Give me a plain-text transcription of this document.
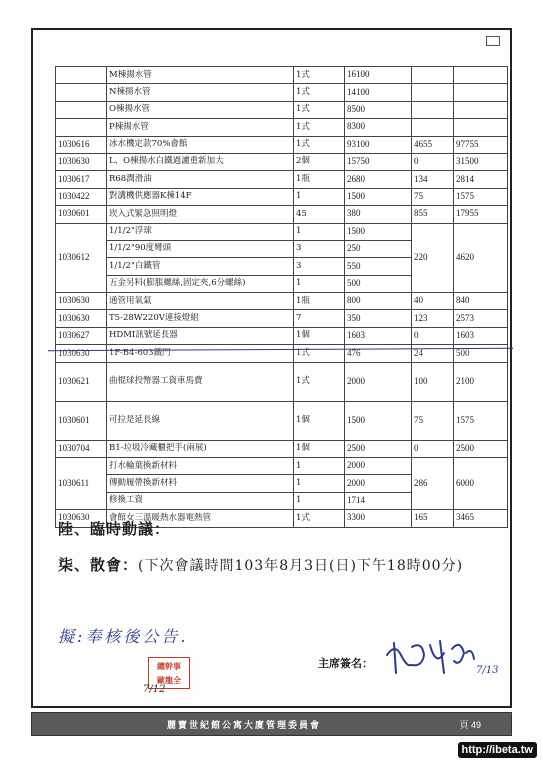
	M棟揚水管	1式	16100		
	N棟揚水管	1式	14100		
	O棟揚水管	1式	8500		
	P棟揚水管	1式	8300		
1030616	冰水機定款70%會館	1式	93100	4655	97755
1030630	L、O棟揚水白鐵過濾重新加大	2個	15750	0	31500
1030617	R68潤滑油	1瓶	2680	134	2814
1030422	對講機供應器K棟14F	1	1500	75	1575
1030601	崁入式緊急照明燈	45	380	855	17955
1030612	1/1/2"浮球	1	1500	220	4620
	1/1/2"90度彎頭	3	250		
	1/1/2"白鐵管	3	550		
	五金另料(膨脹螺絲,固定夾,6分螺絲)	1	500		
1030630	通管用氧氣	1瓶	800	40	840
1030630	T5-28W220V連接燈組	7	350	123	2573
1030627	HDMI訊號延長器	1個	1603	0	1603
1030630	1F-B4-603鐵門	1式	476	24	500
1030621	曲棍球投幣器工資車馬費	1式	2000	100	2100
1030601	可拉是延長線	1個	1500	75	1575
1030704	B1-垃圾冷藏櫃把手(兩展)	1個	2500	0	2500
1030611	打水輪葉換新材料	1	2000	286	6000
	傳動履帶換新材料	1	2000		
	修換工資	1	1714		
1030630	會館女三溫暖熱水器電熱管	1式	3300	165	3465
陸、臨時動議：
柒、散會：(下次會議時間103年8月3日(日)下午18時00分)
擬:奉核後公告.
總幹事
歐龍全
7/12
主席簽名：
7/13
麗寶世紀館公寓大廈管理委員會	頁 49
http://ibeta.tw
